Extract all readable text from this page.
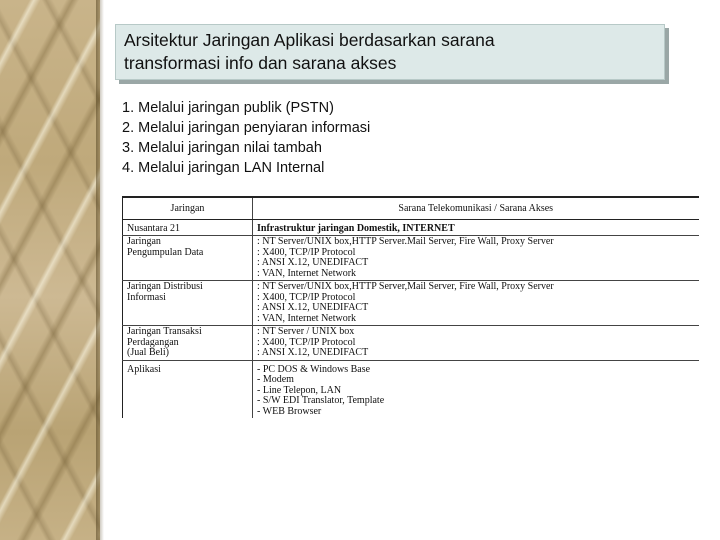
Arsitektur Jaringan Aplikasi berdasarkan sarana
transformasi info dan sarana akses
1. Melalui jaringan publik (PSTN)
2. Melalui jaringan penyiaran informasi
3. Melalui jaringan nilai tambah
4. Melalui jaringan LAN Internal
Jaringan	Sarana Telekomunikasi / Sarana Akses

Nusantara 21	Infrastruktur jaringan Domestik, INTERNET

Jaringan
Pengumpulan Data	: NT Server/UNIX box,HTTP Server.Mail Server, Fire Wall, Proxy Server
: X400, TCP/IP Protocol
: ANSI X.12, UNEDIFACT
: VAN, Internet Network

Jaringan Distribusi
Informasi	: NT Server/UNIX box,HTTP Server,Mail Server, Fire Wall, Proxy Server
: X400, TCP/IP Protocol
: ANSI X.12, UNEDIFACT
: VAN, Internet Network

Jaringan Transaksi
Perdagangan
(Jual Beli)	: NT Server / UNIX box
: X400, TCP/IP Protocol
: ANSI X.12, UNEDIFACT

Aplikasi	- PC DOS & Windows Base
- Modem
- Line Telepon, LAN
- S/W EDI Translator, Template
- WEB Browser
